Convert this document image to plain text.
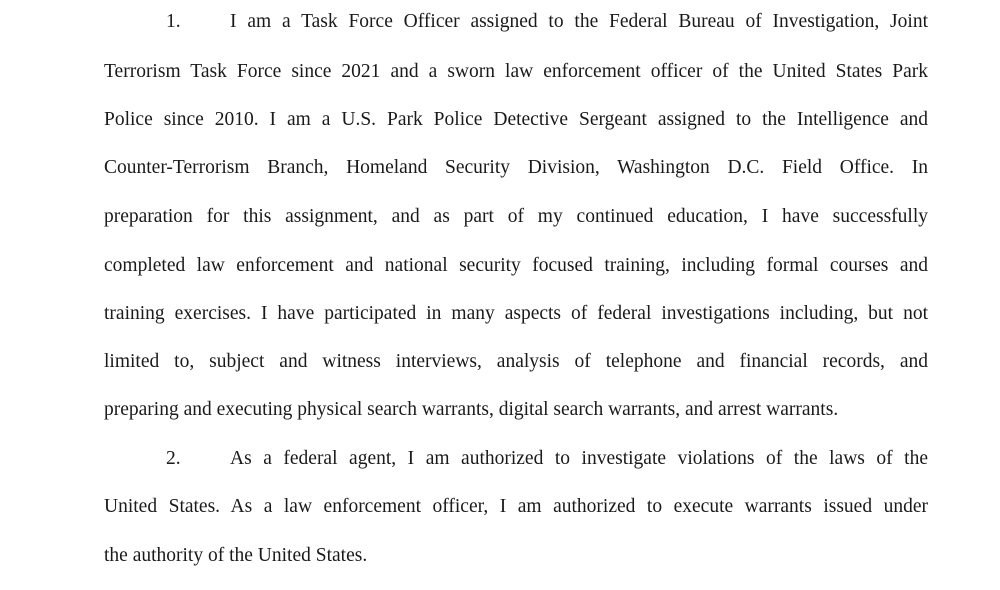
1.	I am a Task Force Officer assigned to the Federal Bureau of Investigation, Joint
Terrorism Task Force since 2021 and a sworn law enforcement officer of the United States Park
Police since 2010. I am a U.S. Park Police Detective Sergeant assigned to the Intelligence and
Counter-Terrorism Branch, Homeland Security Division, Washington D.C. Field Office. In
preparation for this assignment, and as part of my continued education, I have successfully
completed law enforcement and national security focused training, including formal courses and
training exercises. I have participated in many aspects of federal investigations including, but not
limited to, subject and witness interviews, analysis of telephone and financial records, and
preparing and executing physical search warrants, digital search warrants, and arrest warrants.
2.	As a federal agent, I am authorized to investigate violations of the laws of the
United States. As a law enforcement officer, I am authorized to execute warrants issued under
the authority of the United States.
